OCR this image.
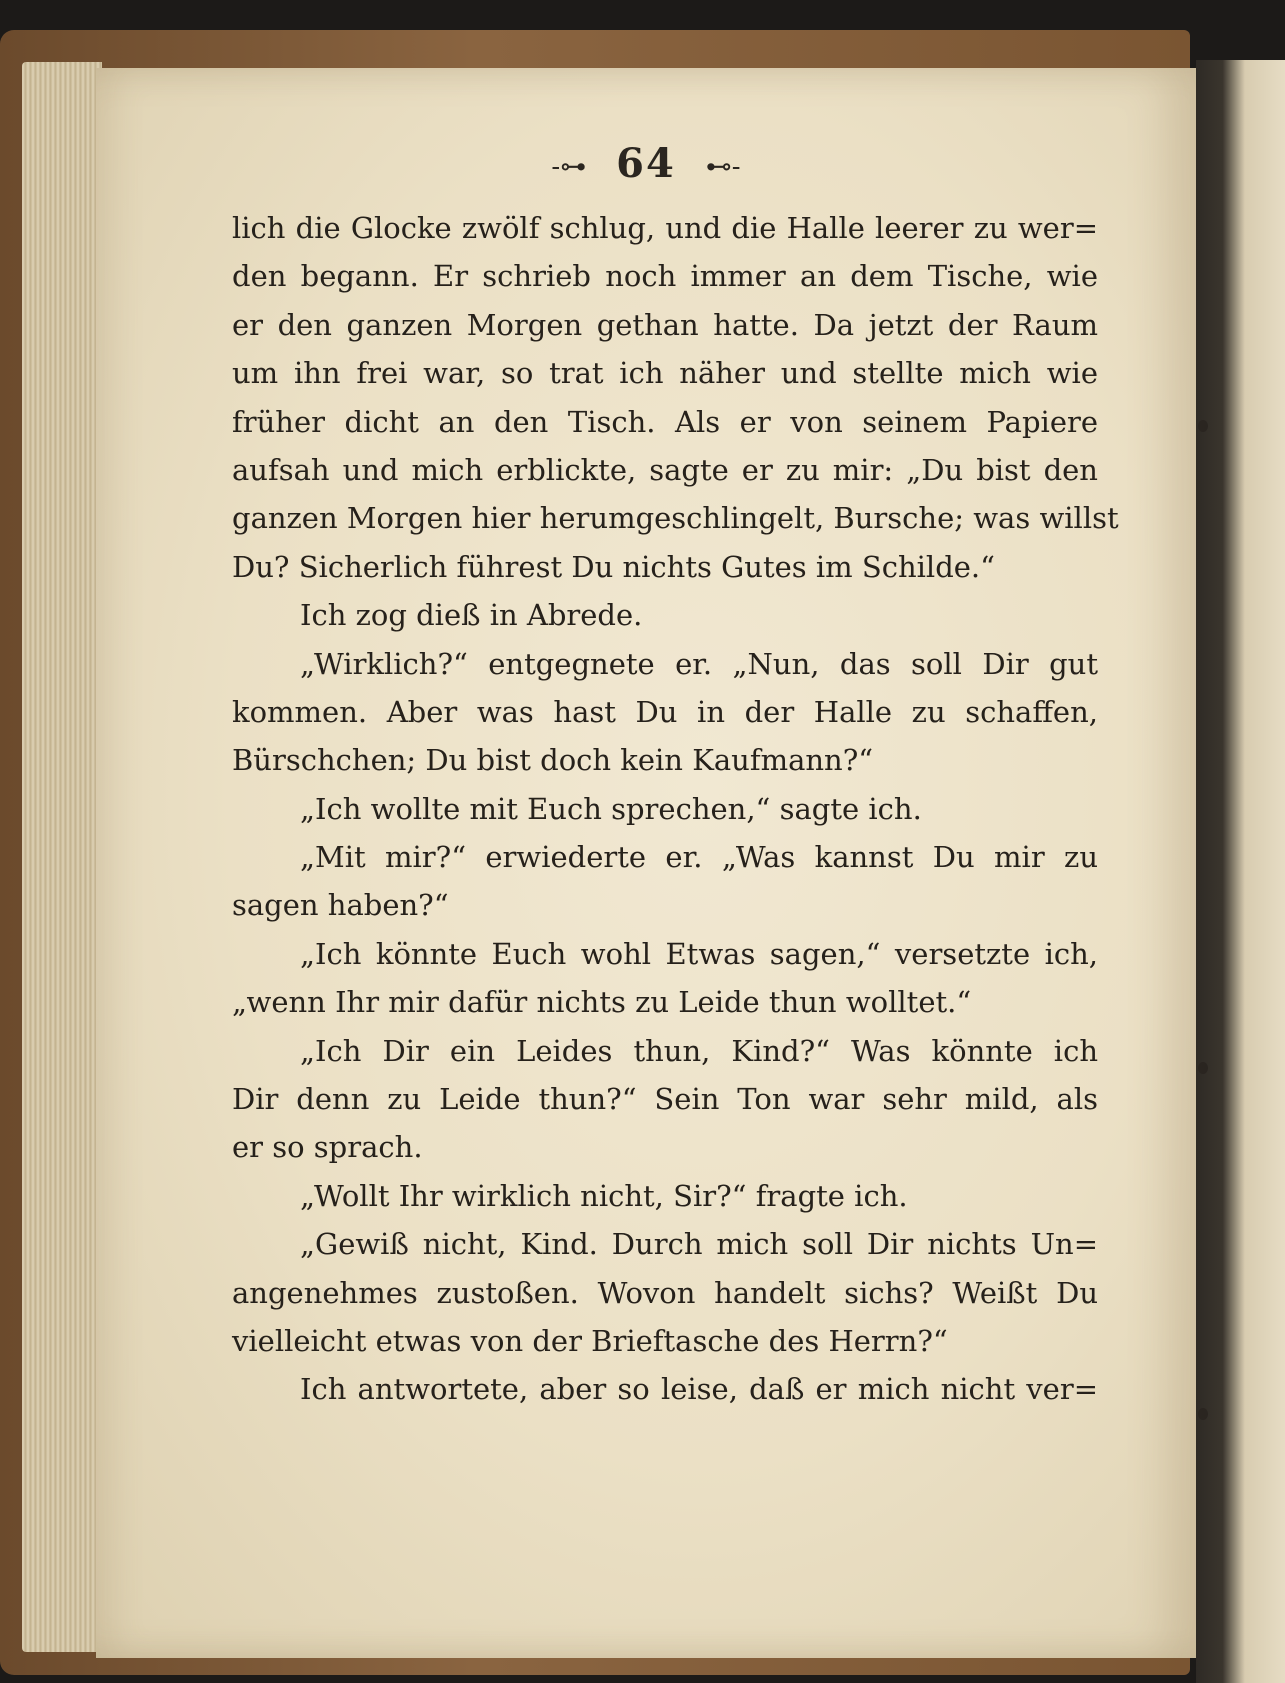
-⊶ 64 ⊷-
lich die Glocke zwölf schlug, und die Halle leerer zu wer=
den begann. Er schrieb noch immer an dem Tische, wie
er den ganzen Morgen gethan hatte. Da jetzt der Raum
um ihn frei war, so trat ich näher und stellte mich wie
früher dicht an den Tisch. Als er von seinem Papiere
aufsah und mich erblickte, sagte er zu mir: „Du bist den
ganzen Morgen hier herumgeschlingelt, Bursche; was willst
Du? Sicherlich führest Du nichts Gutes im Schilde.“
Ich zog dieß in Abrede.
„Wirklich?“ entgegnete er. „Nun, das soll Dir gut
kommen. Aber was hast Du in der Halle zu schaffen,
Bürschchen; Du bist doch kein Kaufmann?“
„Ich wollte mit Euch sprechen,“ sagte ich.
„Mit mir?“ erwiederte er. „Was kannst Du mir zu
sagen haben?“
„Ich könnte Euch wohl Etwas sagen,“ versetzte ich,
„wenn Ihr mir dafür nichts zu Leide thun wolltet.“
„Ich Dir ein Leides thun, Kind?“ Was könnte ich
Dir denn zu Leide thun?“ Sein Ton war sehr mild, als
er so sprach.
„Wollt Ihr wirklich nicht, Sir?“ fragte ich.
„Gewiß nicht, Kind. Durch mich soll Dir nichts Un=
angenehmes zustoßen. Wovon handelt sichs? Weißt Du
vielleicht etwas von der Brieftasche des Herrn?“
Ich antwortete, aber so leise, daß er mich nicht ver=
